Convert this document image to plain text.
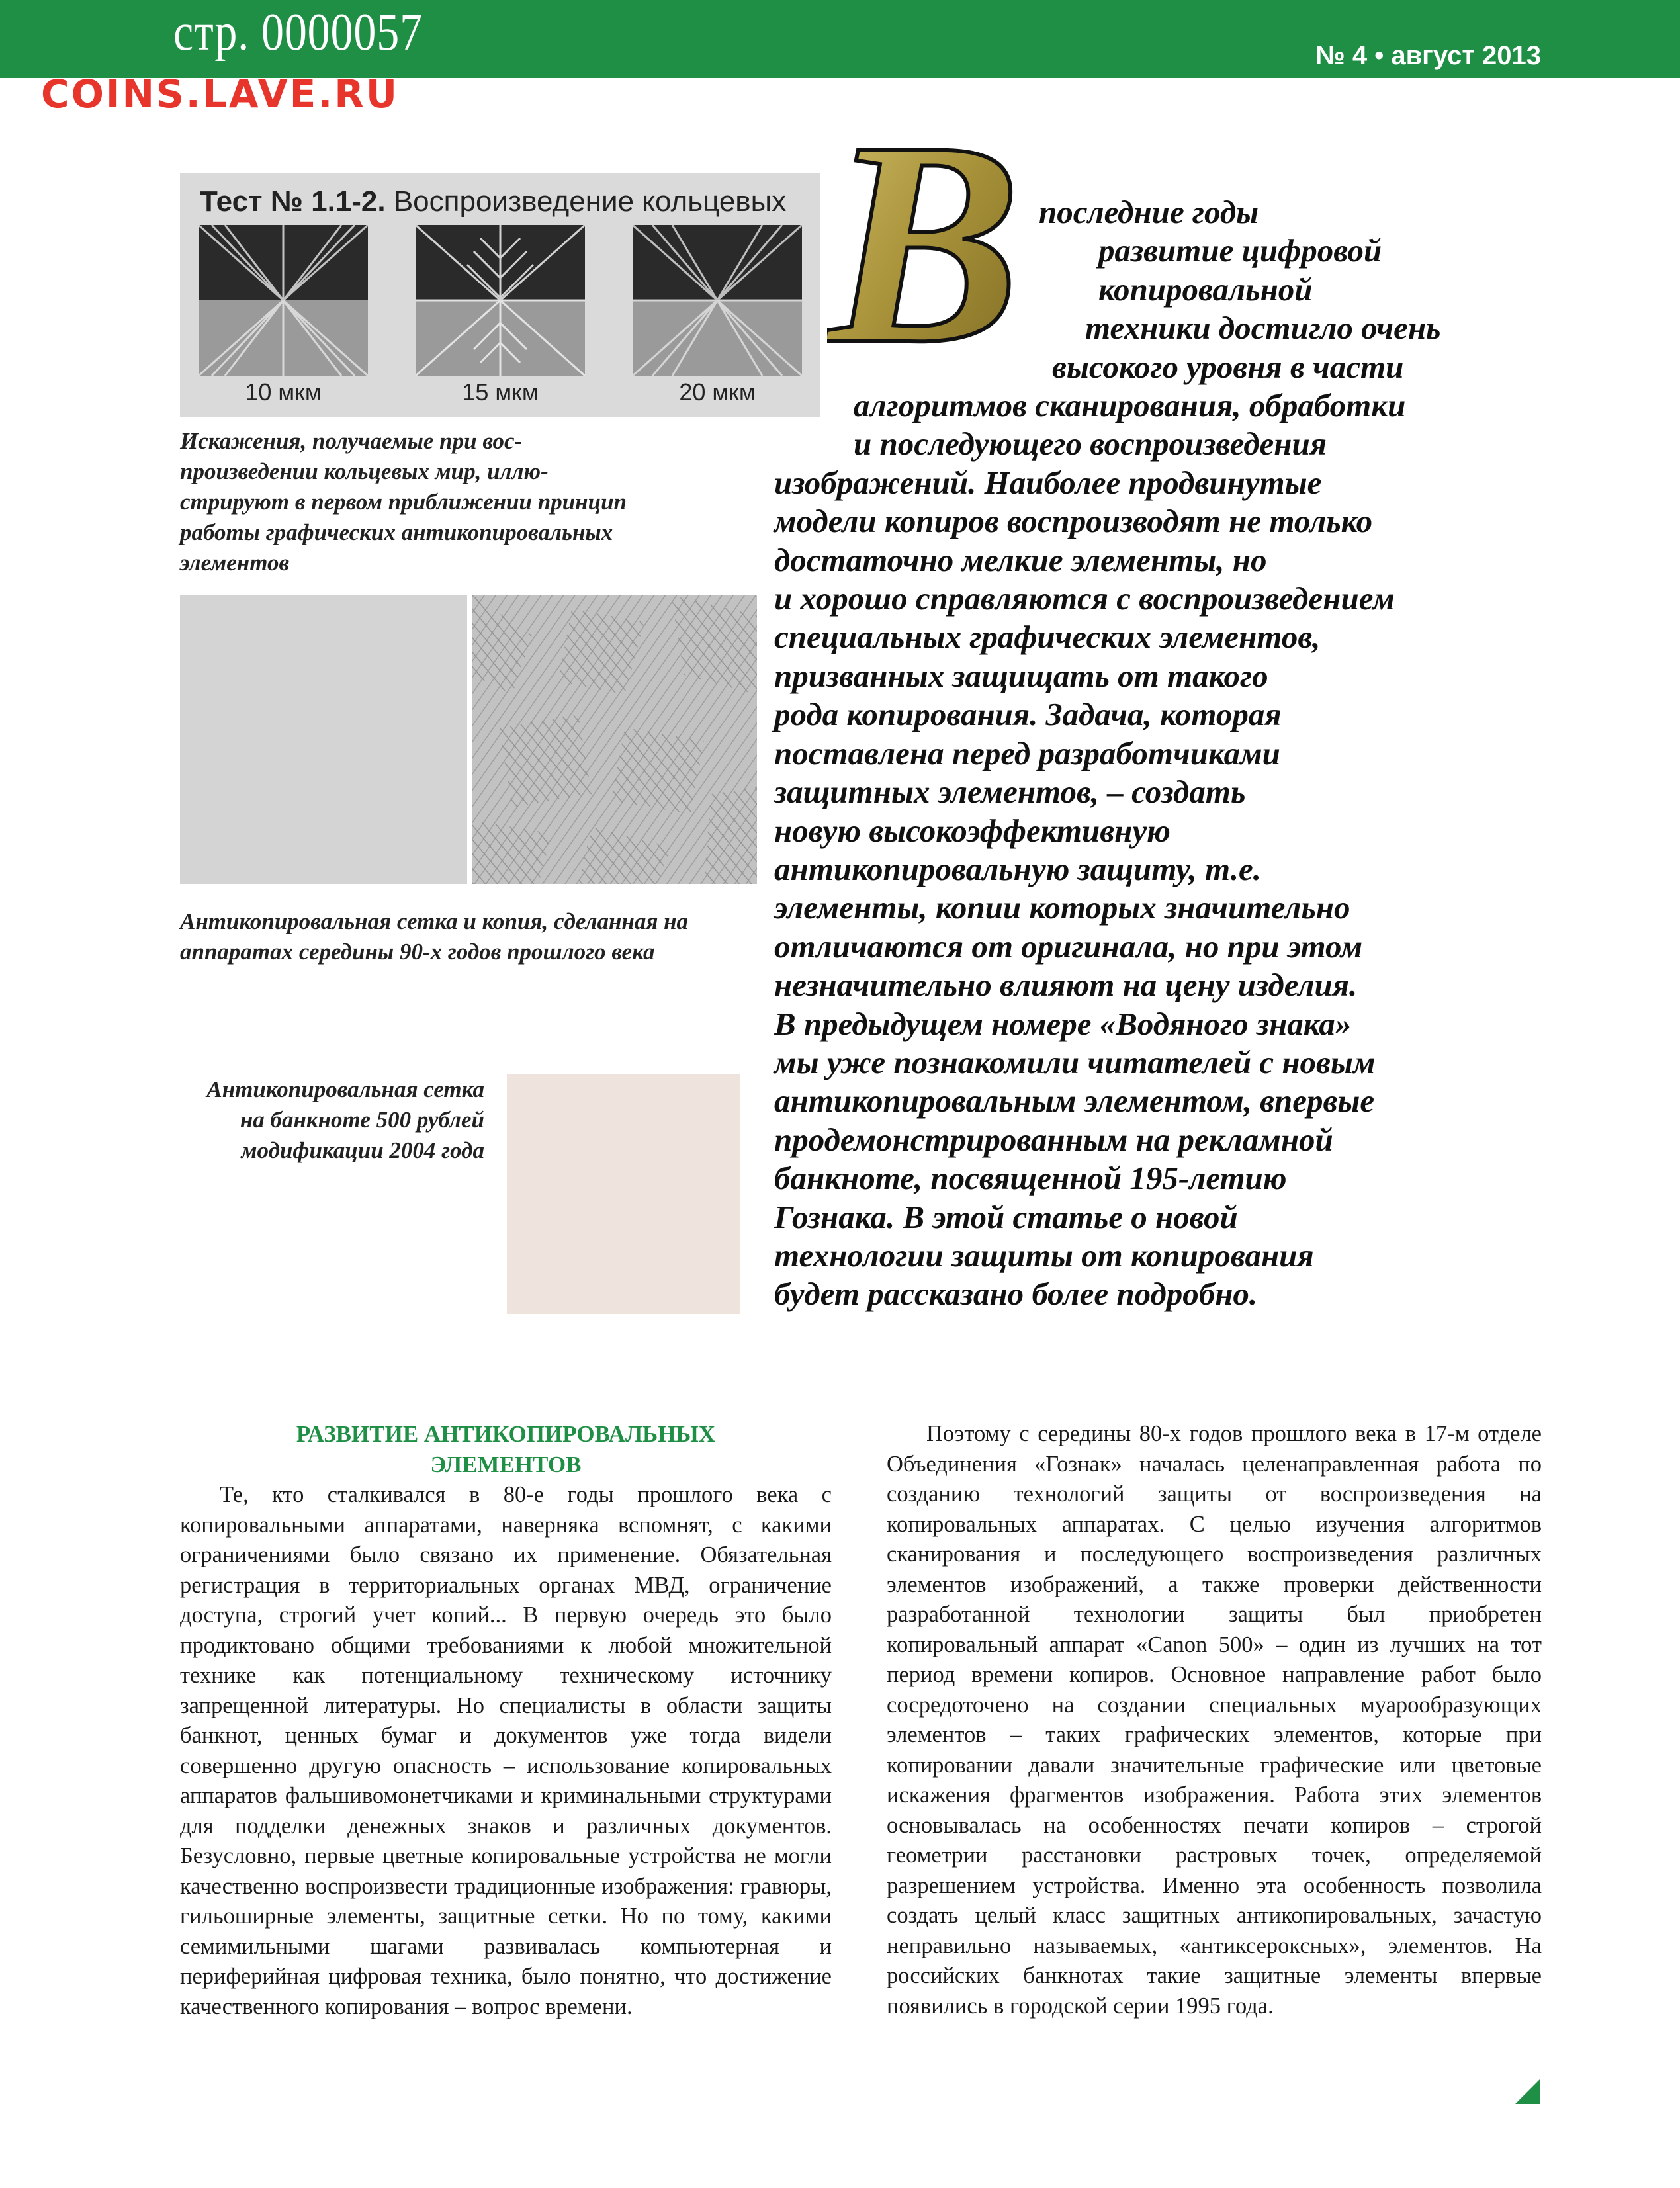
стр. 0000057	№ 4 • август 2013
COINS.LAVE.RU
Тест № 1.1-2. Воспроизведение кольцевых
10 мкм	15 мкм	20 мкм
Искажения, получаемые при вос-произведении кольцевых мир, иллю-стрируют в первом приближении принцип работы графических антикопировальных элементов
Антикопировальная сетка и копия, сделанная на аппаратах середины 90-х годов прошлого века
Антикопировальная сетка на банкноте 500 рублей модификации 2004 года
В последние годы
развитие цифровой
копировальной
техники достигло очень
высокого уровня в части
алгоритмов сканирования, обработки
и последующего воспроизведения
изображений. Наиболее продвинутые
модели копиров воспроизводят не только
достаточно мелкие элементы, но
и хорошо справляются с воспроизведением
специальных графических элементов,
призванных защищать от такого
рода копирования. Задача, которая
поставлена перед разработчиками
защитных элементов, – создать
новую высокоэффективную
антикопировальную защиту, т.е.
элементы, копии которых значительно
отличаются от оригинала, но при этом
незначительно влияют на цену изделия.
В предыдущем номере «Водяного знака»
мы уже познакомили читателей с новым
антикопировальным элементом, впервые
продемонстрированным на рекламной
банкноте, посвященной 195-летию
Гознака. В этой статье о новой
технологии защиты от копирования
будет рассказано более подробно.
РАЗВИТИЕ АНТИКОПИРОВАЛЬНЫХ
ЭЛЕМЕНТОВ

Те, кто сталкивался в 80-е годы прошлого века с копировальными аппаратами, наверняка вспомнят, с какими ограничениями было связано их применение. Обязательная регистрация в территориальных органах МВД, ограничение доступа, строгий учет копий... В первую очередь это было продиктовано общими требованиями к любой множительной технике как потенциальному техническому источнику запрещенной литературы. Но специалисты в области защиты банкнот, ценных бумаг и документов уже тогда видели совершенно другую опасность – использование копировальных аппаратов фальшивомонетчиками и криминальными структурами для подделки денежных знаков и различных документов. Безусловно, первые цветные копировальные устройства не могли качественно воспроизвести традиционные изображения: гравюры, гильоширные элементы, защитные сетки. Но по тому, какими семимильными шагами развивалась компьютерная и периферийная цифровая техника, было понятно, что достижение качественного копирования – вопрос времени.

Поэтому с середины 80-х годов прошлого века в 17-м отделе Объединения «Гознак» началась целенаправленная работа по созданию технологий защиты от воспроизведения на копировальных аппаратах. С целью изучения алгоритмов сканирования и последующего воспроизведения различных элементов изображений, а также проверки действенности разработанной технологии защиты был приобретен копировальный аппарат «Canon 500» – один из лучших на тот период времени копиров. Основное направление работ было сосредоточено на создании специальных муарообразующих элементов – таких графических элементов, которые при копировании давали значительные графические или цветовые искажения фрагментов изображения. Работа этих элементов основывалась на особенностях печати копиров – строгой геометрии расстановки растровых точек, определяемой разрешением устройства. Именно эта особенность позволила создать целый класс защитных антикопировальных, зачастую неправильно называемых, «антиксероксных», элементов. На российских банкнотах такие защитные элементы впервые появились в городской серии 1995 года.
